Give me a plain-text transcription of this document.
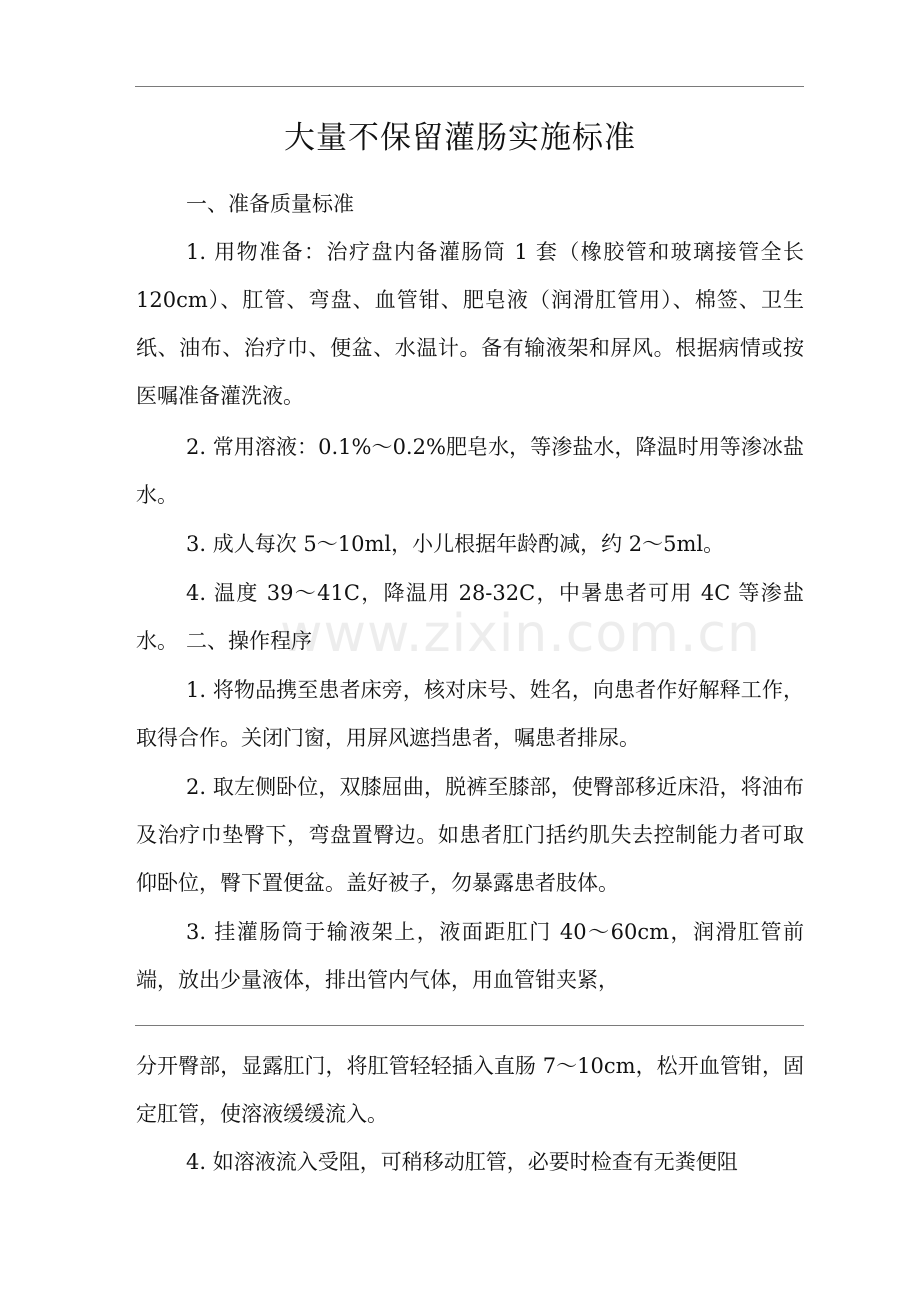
www.zixin.com.cn
大量不保留灌肠实施标准
一、准备质量标准
1. 用物准备：治疗盘内备灌肠筒 1 套（橡胶管和玻璃接管全长 120cm）、肛管、弯盘、血管钳、肥皂液（润滑肛管用）、棉签、卫生纸、油布、治疗巾、便盆、水温计。备有输液架和屏风。根据病情或按医嘱准备灌洗液。
2. 常用溶液：0.1%～0.2%肥皂水，等渗盐水，降温时用等渗冰盐水。
3. 成人每次 5～10ml，小儿根据年龄酌减，约 2～5ml。
4. 温度 39～41C，降温用 28-32C，中暑患者可用 4C 等渗盐水。 二、操作程序
1. 将物品携至患者床旁，核对床号、姓名，向患者作好解释工作，取得合作。关闭门窗，用屏风遮挡患者，嘱患者排尿。
2. 取左侧卧位，双膝屈曲，脱裤至膝部，使臀部移近床沿，将油布及治疗巾垫臀下，弯盘置臀边。如患者肛门括约肌失去控制能力者可取仰卧位，臀下置便盆。盖好被子，勿暴露患者肢体。
3. 挂灌肠筒于输液架上，液面距肛门 40～60cm，润滑肛管前端，放出少量液体，排出管内气体，用血管钳夹紧，
分开臀部，显露肛门，将肛管轻轻插入直肠 7～10cm，松开血管钳，固定肛管，使溶液缓缓流入。
4. 如溶液流入受阻，可稍移动肛管，必要时检查有无粪便阻
